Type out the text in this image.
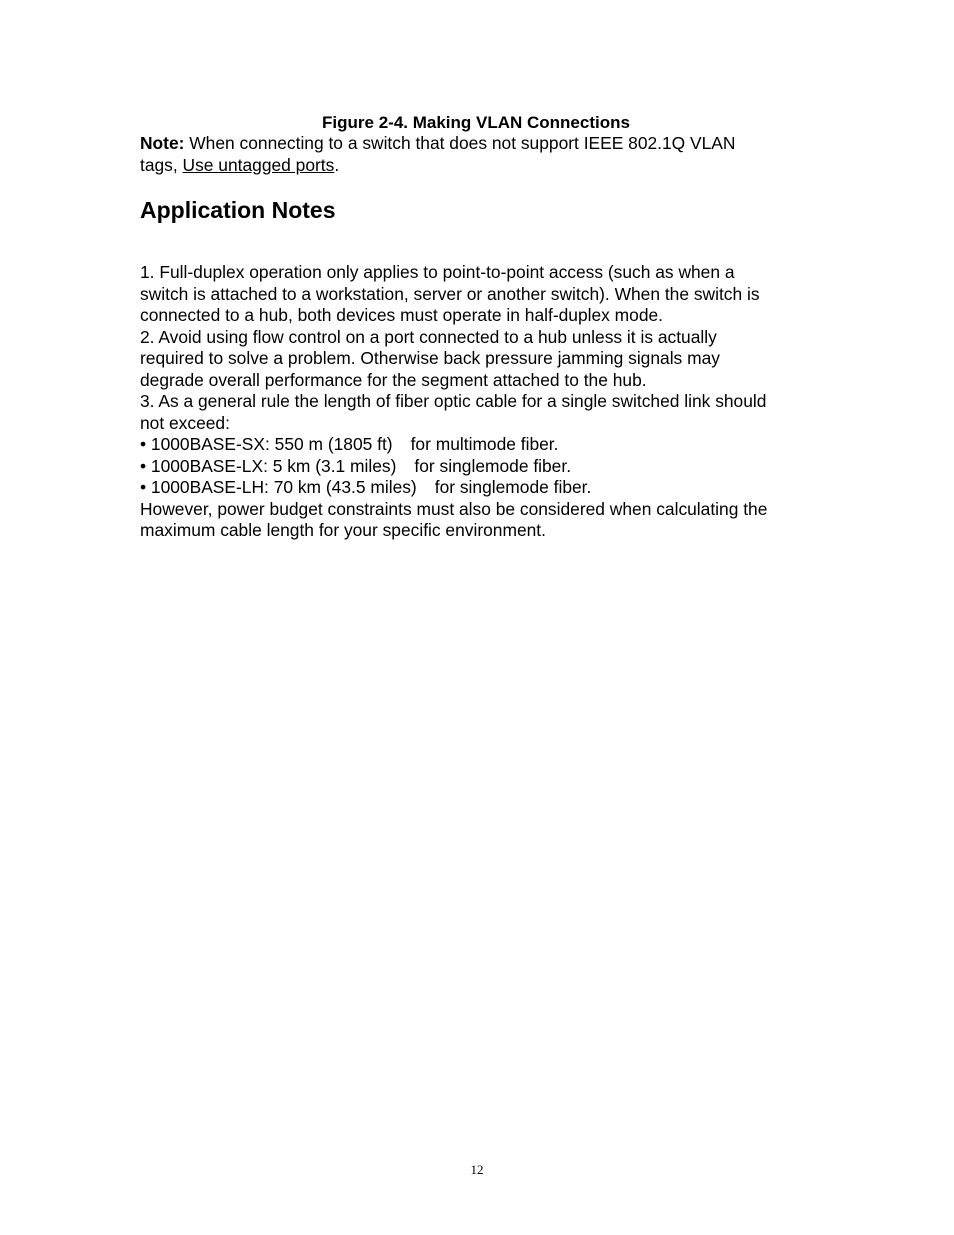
Figure 2-4. Making VLAN Connections

Note: When connecting to a switch that does not support IEEE 802.1Q VLAN

tags, Use untagged ports.

Application Notes

1. Full-duplex operation only applies to point-to-point access (such as when a

switch is attached to a workstation, server or another switch). When the switch is

connected to a hub, both devices must operate in half-duplex mode.

2. Avoid using flow control on a port connected to a hub unless it is actually

required to solve a problem. Otherwise back pressure jamming signals may

degrade overall performance for the segment attached to the hub.

3. As a general rule the length of fiber optic cable for a single switched link should

not exceed:

• 1000BASE-SX: 550 m (1805 ft) for multimode fiber.

• 1000BASE-LX: 5 km (3.1 miles) for singlemode fiber.

• 1000BASE-LH: 70 km (43.5 miles) for singlemode fiber.

However, power budget constraints must also be considered when calculating the

maximum cable length for your specific environment.

12
